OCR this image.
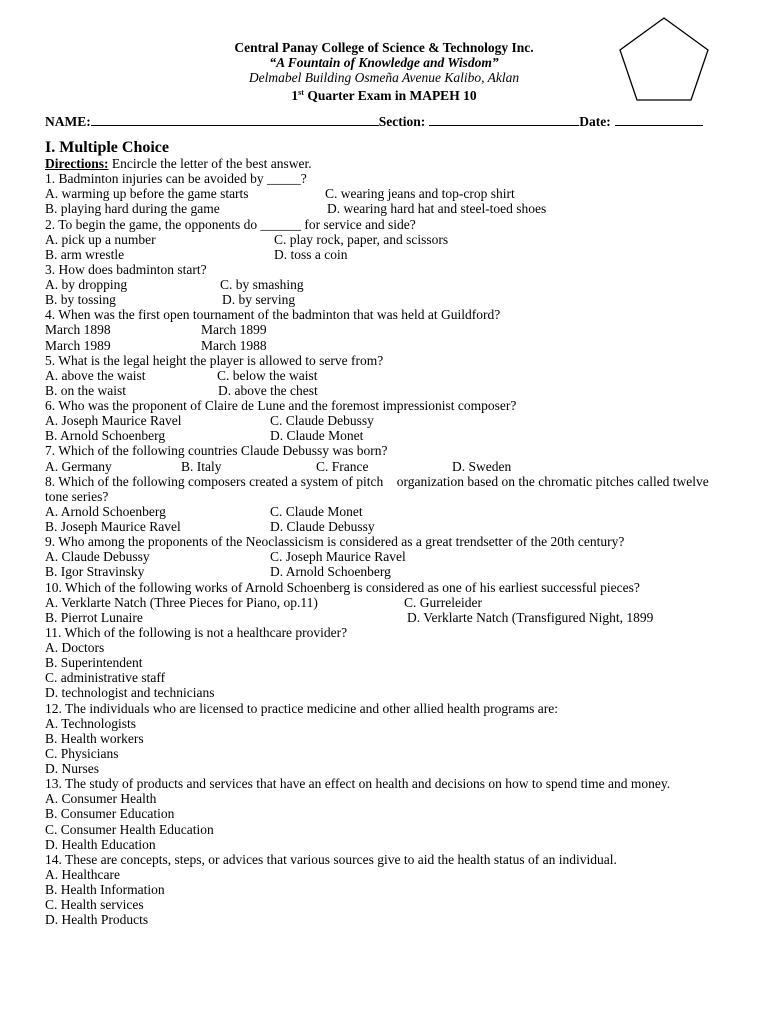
Central Panay College of Science & Technology Inc.
“A Fountain of Knowledge and Wisdom”
Delmabel Building Osmeña Avenue Kalibo, Aklan
1st Quarter Exam in MAPEH 10
NAME:	Section:	Date:
I. Multiple Choice
Directions: Encircle the letter of the best answer.
1. Badminton injuries can be avoided by _____?
A. warming up before the game starts	C. wearing jeans and top-crop shirt
B. playing hard during the game	D. wearing hard hat and steel-toed shoes
2. To begin the game, the opponents do ______ for service and side?
A. pick up a number	C. play rock, paper, and scissors
B. arm wrestle	D. toss a coin
3. How does badminton start?
A. by dropping	C. by smashing
B. by tossing	D. by serving
4. When was the first open tournament of the badminton that was held at Guildford?
March 1898	March 1899
March 1989	March 1988
5. What is the legal height the player is allowed to serve from?
A. above the waist	C. below the waist
B. on the waist	D. above the chest
6. Who was the proponent of Claire de Lune and the foremost impressionist composer?
A. Joseph Maurice Ravel	C. Claude Debussy
B. Arnold Schoenberg	D. Claude Monet
7. Which of the following countries Claude Debussy was born?
A. Germany	B. Italy	C. France	D. Sweden
8. Which of the following composers created a system of pitch    organization based on the chromatic pitches called twelve tone series?
A. Arnold Schoenberg	C. Claude Monet
B. Joseph Maurice Ravel	D. Claude Debussy
9. Who among the proponents of the Neoclassicism is considered as a great trendsetter of the 20th century?
A. Claude Debussy	C. Joseph Maurice Ravel
B. Igor Stravinsky	D. Arnold Schoenberg
10. Which of the following works of Arnold Schoenberg is considered as one of his earliest successful pieces?
A. Verklarte Natch (Three Pieces for Piano, op.11)	C. Gurreleider
B. Pierrot Lunaire	D. Verklarte Natch (Transfigured Night, 1899
11. Which of the following is not a healthcare provider?
A. Doctors
B. Superintendent
C. administrative staff
D. technologist and technicians
12. The individuals who are licensed to practice medicine and other allied health programs are:
A. Technologists
B. Health workers
C. Physicians
D. Nurses
13. The study of products and services that have an effect on health and decisions on how to spend time and money.
A. Consumer Health
B. Consumer Education
C. Consumer Health Education
D. Health Education
14. These are concepts, steps, or advices that various sources give to aid the health status of an individual.
A. Healthcare
B. Health Information
C. Health services
D. Health Products
